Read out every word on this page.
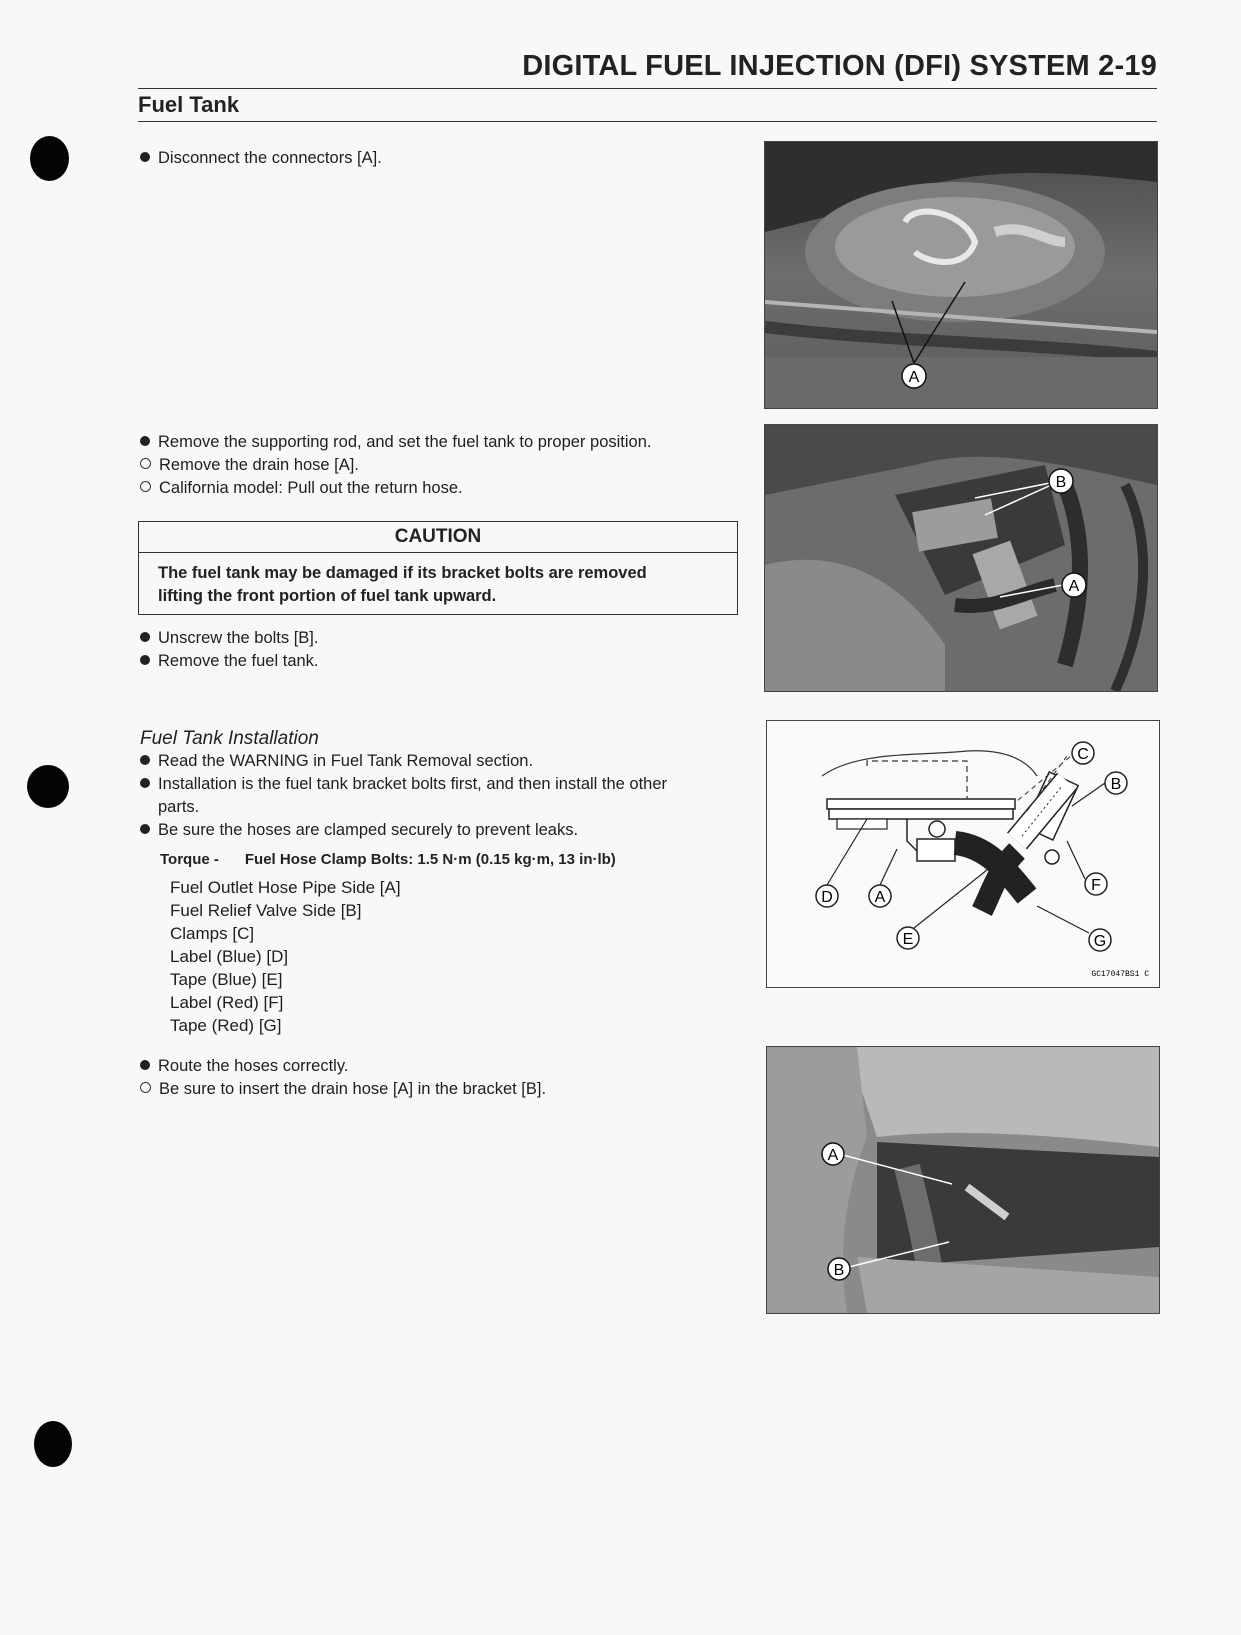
DIGITAL FUEL INJECTION (DFI) SYSTEM 2-19
Fuel Tank
Disconnect the connectors [A].
Remove the supporting rod, and set the fuel tank to proper position.
Remove the drain hose [A].
California model: Pull out the return hose.
CAUTION
The fuel tank may be damaged if its bracket bolts are removed
lifting the front portion of fuel tank upward.
Unscrew the bolts [B].
Remove the fuel tank.
Fuel Tank Installation
Read the WARNING in Fuel Tank Removal section.
Installation is the fuel tank bracket bolts first, and then install the other
parts.
Be sure the hoses are clamped securely to prevent leaks.
Torque - Fuel Hose Clamp Bolts: 1.5 N·m (0.15 kg·m, 13 in·lb)
Fuel Outlet Hose Pipe Side [A]
Fuel Relief Valve Side [B]
Clamps [C]
Label (Blue) [D]
Tape (Blue) [E]
Label (Red) [F]
Tape (Red) [G]
Route the hoses correctly.
Be sure to insert the drain hose [A] in the bracket [B].
A
B
A
C
B
D	A
F
E	G
GC17047BS1 C
A
B
